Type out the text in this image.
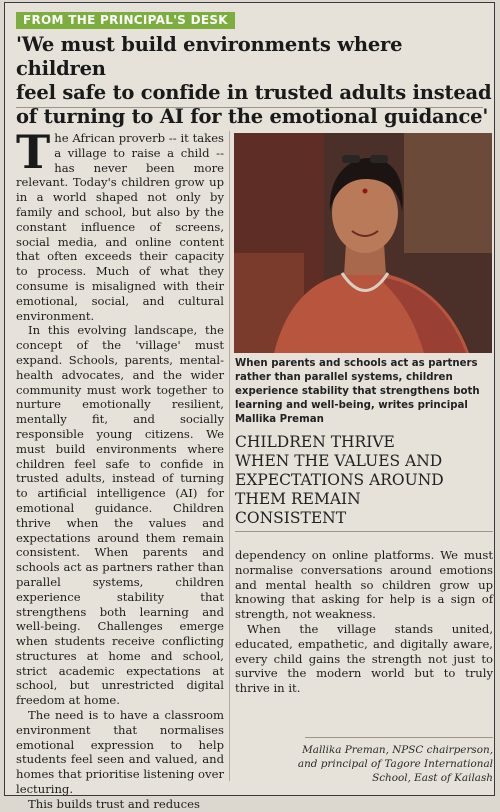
FROM THE PRINCIPAL'S DESK
'We must build environments where children
feel safe to confide in trusted adults instead
of turning to AI for the emotional guidance'

The African proverb -- it takes a village to raise a child -- has never been more relevant. Today's children grow up in a world shaped not only by family and school, but also by the constant influence of screens, social media, and online content that often exceeds their capacity to process. Much of what they consume is misaligned with their emotional, social, and cultural environment.

In this evolving landscape, the concept of the 'village' must expand. Schools, parents, mental-health advocates, and the wider community must work together to nurture emotionally resilient, mentally fit, and socially responsible young citizens. We must build environments where children feel safe to confide in trusted adults, instead of turning to artificial intelligence (AI) for emotional guidance. Children thrive when the values and expectations around them remain consistent. When parents and schools act as partners rather than parallel systems, children experience stability that strengthens both learning and well-being. Challenges emerge when students receive conflicting structures at home and school, strict academic expectations at school, but unrestricted digital freedom at home.

The need is to have a classroom environment that normalises emotional expression to help students feel seen and valued, and homes that prioritise listening over lecturing.

This builds trust and reduces

When parents and schools act as partners rather than parallel systems, children experience stability that strengthens both learning and well-being, writes principal Mallika Preman
CHILDREN THRIVE
WHEN THE VALUES AND
EXPECTATIONS AROUND
THEM REMAIN
CONSISTENT

dependency on online platforms. We must normalise conversations around emotions and mental health so children grow up knowing that asking for help is a sign of strength, not weakness.

When the village stands united, educated, empathetic, and digitally aware, every child gains the strength not just to survive the modern world but to truly thrive in it.

Mallika Preman, NPSC chairperson,
and principal of Tagore International
School, East of Kailash
